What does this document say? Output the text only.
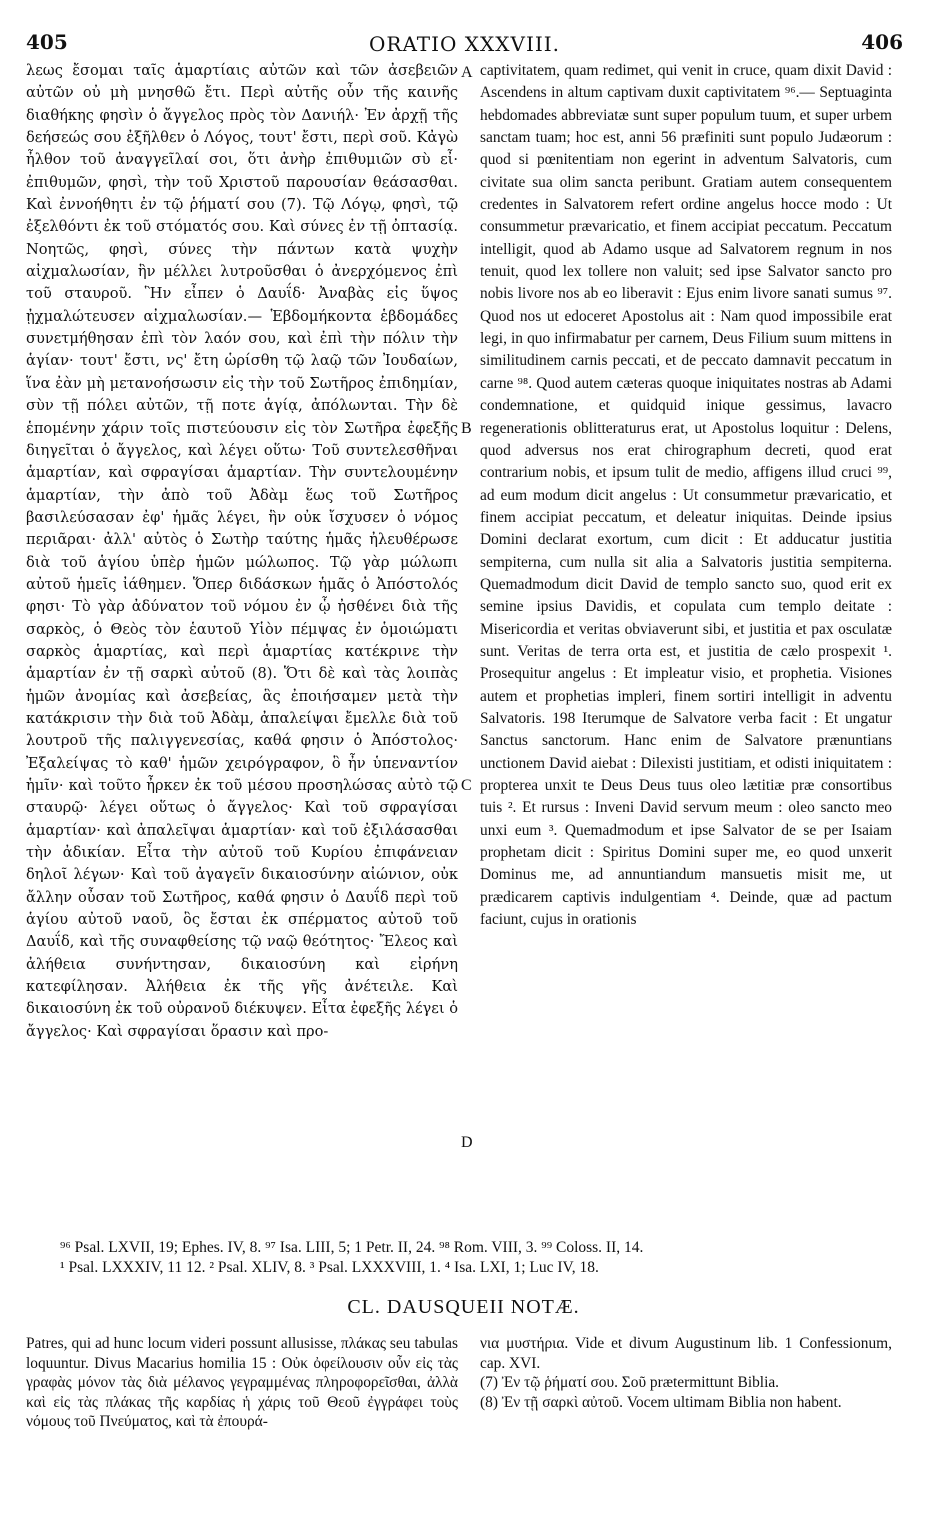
405	ORATIO XXXVIII.	406

λεως ἔσομαι ταῖς ἁμαρτίαις αὐτῶν καὶ τῶν ἀσεβειῶν αὐτῶν οὐ μὴ μνησθῶ ἔτι. Περὶ αὐτῆς οὖν τῆς καινῆς διαθήκης φησὶν ὁ ἄγγελος πρὸς τὸν Δανιήλ· Ἐν ἀρχῇ τῆς δεήσεώς σου ἐξῆλθεν ὁ Λόγος, τουτ' ἔστι, περὶ σοῦ. Κἀγὼ ἦλθον τοῦ ἀναγγεῖλαί σοι, ὅτι ἀνὴρ ἐπιθυμιῶν σὺ εἶ· ἐπιθυμῶν, φησὶ, τὴν τοῦ Χριστοῦ παρουσίαν θεάσασθαι. Καὶ ἐννοήθητι ἐν τῷ ῥήματί σου (7). Τῷ Λόγῳ, φησὶ, τῷ ἐξελθόντι ἐκ τοῦ στόματός σου. Καὶ σύνες ἐν τῇ ὀπτασίᾳ. Νοητῶς, φησὶ, σύνες τὴν πάντων κατὰ ψυχὴν αἰχμαλωσίαν, ἣν μέλλει λυτροῦσθαι ὁ ἀνερχόμενος ἐπὶ τοῦ σταυροῦ. Ἣν εἶπεν ὁ Δαυΐδ· Ἀναβὰς εἰς ὕψος ᾐχμαλώτευσεν αἰχμαλωσίαν.— Ἑβδομήκοντα ἑβδομάδες συνετμήθησαν ἐπὶ τὸν λαόν σου, καὶ ἐπὶ τὴν πόλιν τὴν ἁγίαν· τουτ' ἔστι, νς' ἔτη ὡρίσθη τῷ λαῷ τῶν Ἰουδαίων, ἵνα ἐὰν μὴ μετανοήσωσιν εἰς τὴν τοῦ Σωτῆρος ἐπιδημίαν, σὺν τῇ πόλει αὐτῶν, τῇ ποτε ἁγίᾳ, ἀπόλωνται. Τὴν δὲ ἑπομένην χάριν τοῖς πιστεύουσιν εἰς τὸν Σωτῆρα ἐφεξῆς διηγεῖται ὁ ἄγγελος, καὶ λέγει οὕτω· Τοῦ συντελεσθῆναι ἁμαρτίαν, καὶ σφραγίσαι ἁμαρτίαν. Τὴν συντελουμένην ἁμαρτίαν, τὴν ἀπὸ τοῦ Ἀδὰμ ἕως τοῦ Σωτῆρος βασιλεύσασαν ἐφ' ἡμᾶς λέγει, ἣν οὐκ ἴσχυσεν ὁ νόμος περιᾶραι· ἀλλ' αὐτὸς ὁ Σωτὴρ ταύτης ἡμᾶς ἠλευθέρωσε διὰ τοῦ ἁγίου ὑπὲρ ἡμῶν μώλωπος. Τῷ γὰρ μώλωπι αὐτοῦ ἡμεῖς ἰάθημεν. Ὅπερ διδάσκων ἡμᾶς ὁ Ἀπόστολός φησι· Τὸ γὰρ ἀδύνατον τοῦ νόμου ἐν ᾧ ἠσθένει διὰ τῆς σαρκὸς, ὁ Θεὸς τὸν ἑαυτοῦ Υἱὸν πέμψας ἐν ὁμοιώματι σαρκὸς ἁμαρτίας, καὶ περὶ ἁμαρτίας κατέκρινε τὴν ἁμαρτίαν ἐν τῇ σαρκὶ αὐτοῦ (8). Ὅτι δὲ καὶ τὰς λοιπὰς ἡμῶν ἀνομίας καὶ ἀσεβείας, ἃς ἐποιήσαμεν μετὰ τὴν κατάκρισιν τὴν διὰ τοῦ Ἀδὰμ, ἀπαλείψαι ἔμελλε διὰ τοῦ λουτροῦ τῆς παλιγγενεσίας, καθά φησιν ὁ Ἀπόστολος· Ἐξαλείψας τὸ καθ' ἡμῶν χειρόγραφον, ὃ ἦν ὑπεναντίον ἡμῖν· καὶ τοῦτο ἦρκεν ἐκ τοῦ μέσου προσηλώσας αὐτὸ τῷ σταυρῷ· λέγει οὕτως ὁ ἄγγελος· Καὶ τοῦ σφραγίσαι ἁμαρτίαν· καὶ ἀπαλεῖψαι ἁμαρτίαν· καὶ τοῦ ἐξιλάσασθαι τὴν ἀδικίαν. Εἶτα τὴν αὐτοῦ τοῦ Κυρίου ἐπιφάνειαν δηλοῖ λέγων· Καὶ τοῦ ἀγαγεῖν δικαιοσύνην αἰώνιον, οὐκ ἄλλην οὖσαν τοῦ Σωτῆρος, καθά φησιν ὁ Δαυΐδ περὶ τοῦ ἁγίου αὐτοῦ ναοῦ, ὃς ἔσται ἐκ σπέρματος αὐτοῦ τοῦ Δαυΐδ, καὶ τῆς συναφθείσης τῷ ναῷ θεότητος· Ἔλεος καὶ ἀλήθεια συνήντησαν, δικαιοσύνη καὶ εἰρήνη κατεφίλησαν. Ἀλήθεια ἐκ τῆς γῆς ἀνέτειλε. Καὶ δικαιοσύνη ἐκ τοῦ οὐρανοῦ διέκυψεν. Εἶτα ἐφεξῆς λέγει ὁ ἄγγελος· Καὶ σφραγίσαι ὅρασιν καὶ προ-

A
B
C
D

captivitatem, quam redimet, qui venit in cruce, quam dixit David : Ascendens in altum captivam duxit captivitatem ⁹⁶.— Septuaginta hebdomades abbreviatæ sunt super populum tuum, et super urbem sanctam tuam; hoc est, anni 56 præfiniti sunt populo Judæorum : quod si pœnitentiam non egerint in adventum Salvatoris, cum civitate sua olim sancta peribunt. Gratiam autem consequentem credentes in Salvatorem refert ordine angelus hocce modo : Ut consummetur prævaricatio, et finem accipiat peccatum. Peccatum intelligit, quod ab Adamo usque ad Salvatorem regnum in nos tenuit, quod lex tollere non valuit; sed ipse Salvator sancto pro nobis livore nos ab eo liberavit : Ejus enim livore sanati sumus ⁹⁷. Quod nos ut edoceret Apostolus ait : Nam quod impossibile erat legi, in quo infirmabatur per carnem, Deus Filium suum mittens in similitudinem carnis peccati, et de peccato damnavit peccatum in carne ⁹⁸. Quod autem cæteras quoque iniquitates nostras ab Adami condemnatione, et quidquid inique gessimus, lavacro regenerationis oblitteraturus erat, ut Apostolus loquitur : Delens, quod adversus nos erat chirographum decreti, quod erat contrarium nobis, et ipsum tulit de medio, affigens illud cruci ⁹⁹, ad eum modum dicit angelus : Ut consummetur prævaricatio, et finem accipiat peccatum, et deleatur iniquitas. Deinde ipsius Domini declarat exortum, cum dicit : Et adducatur justitia sempiterna, cum nulla sit alia a Salvatoris justitia sempiterna. Quemadmodum dicit David de templo sancto suo, quod erit ex semine ipsius Davidis, et copulata cum templo deitate : Misericordia et veritas obviaverunt sibi, et justitia et pax osculatæ sunt. Veritas de terra orta est, et justitia de cælo prospexit ¹. Prosequitur angelus : Et impleatur visio, et prophetia. Visiones autem et prophetias impleri, finem sortiri intelligit in adventu Salvatoris. 198 Iterumque de Salvatore verba facit : Et ungatur Sanctus sanctorum. Hanc enim de Salvatore prænuntians unctionem David aiebat : Dilexisti justitiam, et odisti iniquitatem : propterea unxit te Deus Deus tuus oleo lætitiæ præ consortibus tuis ². Et rursus : Inveni David servum meum : oleo sancto meo unxi eum ³. Quemadmodum et ipse Salvator de se per Isaiam prophetam dicit : Spiritus Domini super me, eo quod unxerit Dominus me, ad annuntiandum mansuetis misit me, ut prædicarem captivis indulgentiam ⁴. Deinde, quæ ad pactum faciunt, cujus in orationis

⁹⁶ Psal. LXVII, 19; Ephes. IV, 8. ⁹⁷ Isa. LIII, 5; 1 Petr. II, 24. ⁹⁸ Rom. VIII, 3. ⁹⁹ Coloss. II, 14.

¹ Psal. LXXXIV, 11 12. ² Psal. XLIV, 8. ³ Psal. LXXXVIII, 1. ⁴ Isa. LXI, 1; Luc IV, 18.

CL. DAUSQUEII NOTÆ.

Patres, qui ad hunc locum videri possunt allusisse, πλάκας seu tabulas loquuntur. Divus Macarius homilia 15 : Οὐκ ὀφείλουσιν οὖν εἰς τὰς γραφὰς μόνον τὰς διὰ μέλανος γεγραμμένας πληροφορεῖσθαι, ἀλλὰ καὶ εἰς τὰς πλάκας τῆς καρδίας ἡ χάρις τοῦ Θεοῦ ἐγγράφει τοὺς νόμους τοῦ Πνεύματος, καὶ τὰ ἐπουρά-

νια μυστήρια. Vide et divum Augustinum lib. 1 Confessionum, cap. XVI.

(7) Ἐν τῷ ῥήματί σου. Σοῦ prætermittunt Biblia.

(8) Ἐν τῇ σαρκὶ αὐτοῦ. Vocem ultimam Biblia non habent.
